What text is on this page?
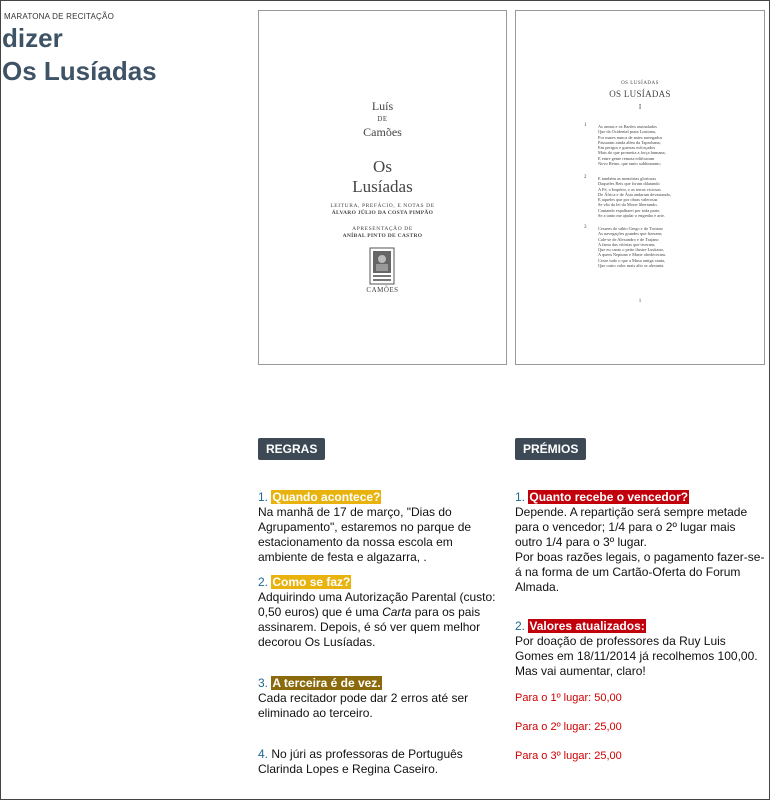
MARATONA DE RECITAÇÃO
dizer
Os Lusíadas
Luís
DE
Camões
Os
Lusíadas
LEITURA, PREFÁCIO, E NOTAS DE
ÁLVARO JÚLIO DA COSTA PIMPÃO
APRESENTAÇÃO DE
ANÍBAL PINTO DE CASTRO
CAMÕES
OS LUSÍADAS
OS LUSÍADAS
I
1	As armas e os Barões assinalados
Que da Ocidental praia Lusitana,
Por mares nunca de antes navegados
Passaram ainda além da Taprobana,
Em perigos e guerras esforçados
Mais do que prometia a força humana,
E entre gente remota edificaram
Novo Reino, que tanto sublimaram;
2	E também as memórias gloriosas
Daqueles Reis que foram dilatando
A Fé, o Império, e as terras viciosas
De África e de Ásia andaram devastando,
E aqueles que por obras valerosas
Se vão da lei da Morte libertando,
Cantando espalharei por toda parte,
Se a tanto me ajudar o engenho e arte.
3	Cessem do sábio Grego e do Troiano
As navegações grandes que fizeram;
Cale-se de Alexandro e de Trajano
A fama das vitórias que tiveram;
Que eu canto o peito ilustre Lusitano,
A quem Neptuno e Marte obedeceram.
Cesse tudo o que a Musa antiga canta,
Que outro valor mais alto se alevanta.
1
REGRAS	PRÉMIOS
1. Quando acontece?
Na manhã de 17 de março, "Dias do Agrupamento", estaremos no parque de estacionamento da nossa escola em ambiente de festa e algazarra, .
2. Como se faz?
Adquirindo uma Autorização Parental (custo: 0,50 euros) que é uma Carta para os pais assinarem. Depois, é só ver quem melhor decorou Os Lusíadas.
3. A terceira é de vez.
Cada recitador pode dar 2 erros até ser eliminado ao terceiro.
4. No júri as professoras de Português Clarinda Lopes e Regina Caseiro.
1. Quanto recebe o vencedor?
Depende. A repartição será sempre metade para o vencedor; 1/4 para o 2º lugar mais outro 1/4 para o 3º lugar.
Por boas razões legais, o pagamento fazer-se-á na forma de um Cartão-Oferta do Forum Almada.
2. Valores atualizados:
Por doação de professores da Ruy Luis Gomes em 18/11/2014 já recolhemos 100,00. Mas vai aumentar, claro!
Para o 1º lugar: 50,00
Para o 2º lugar: 25,00
Para o 3º lugar: 25,00
